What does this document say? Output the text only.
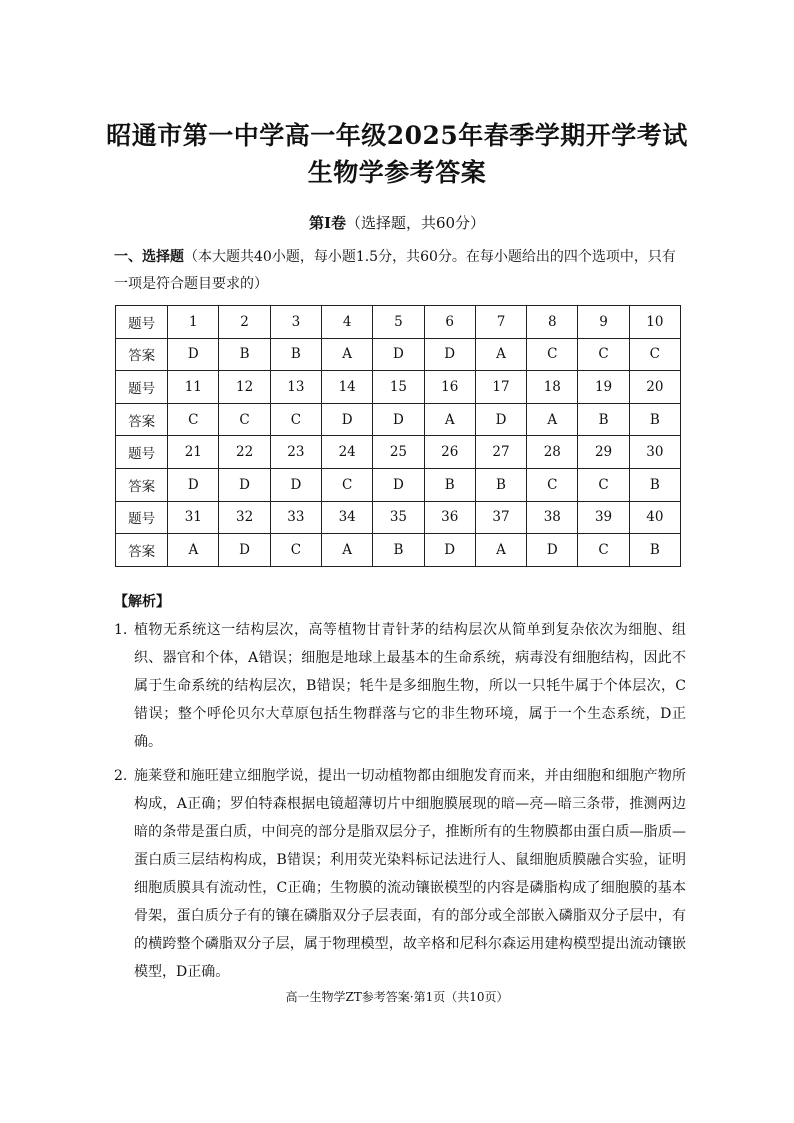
昭通市第一中学高一年级2025年春季学期开学考试
生物学参考答案
第Ⅰ卷（选择题，共60分）
一、选择题（本大题共40小题，每小题1.5分，共60分。在每小题给出的四个选项中，只有一项是符合题目要求的）
题号	1	2	3	4	5	6	7	8	9	10
答案	D	B	B	A	D	D	A	C	C	C
题号	11	12	13	14	15	16	17	18	19	20
答案	C	C	C	D	D	A	D	A	B	B
题号	21	22	23	24	25	26	27	28	29	30
答案	D	D	D	C	D	B	B	C	C	B
题号	31	32	33	34	35	36	37	38	39	40
答案	A	D	C	A	B	D	A	D	C	B
【解析】
1. 植物无系统这一结构层次，高等植物甘青针茅的结构层次从简单到复杂依次为细胞、组织、器官和个体，A错误；细胞是地球上最基本的生命系统，病毒没有细胞结构，因此不属于生命系统的结构层次，B错误；牦牛是多细胞生物，所以一只牦牛属于个体层次，C错误；整个呼伦贝尔大草原包括生物群落与它的非生物环境，属于一个生态系统，D正确。
2. 施莱登和施旺建立细胞学说，提出一切动植物都由细胞发育而来，并由细胞和细胞产物所构成，A正确；罗伯特森根据电镜超薄切片中细胞膜展现的暗—亮—暗三条带，推测两边暗的条带是蛋白质，中间亮的部分是脂双层分子，推断所有的生物膜都由蛋白质—脂质—蛋白质三层结构构成，B错误；利用荧光染料标记法进行人、鼠细胞质膜融合实验，证明细胞质膜具有流动性，C正确；生物膜的流动镶嵌模型的内容是磷脂构成了细胞膜的基本骨架，蛋白质分子有的镶在磷脂双分子层表面，有的部分或全部嵌入磷脂双分子层中，有的横跨整个磷脂双分子层，属于物理模型，故辛格和尼科尔森运用建构模型提出流动镶嵌模型，D正确。
高一生物学ZT参考答案·第1页（共10页）
